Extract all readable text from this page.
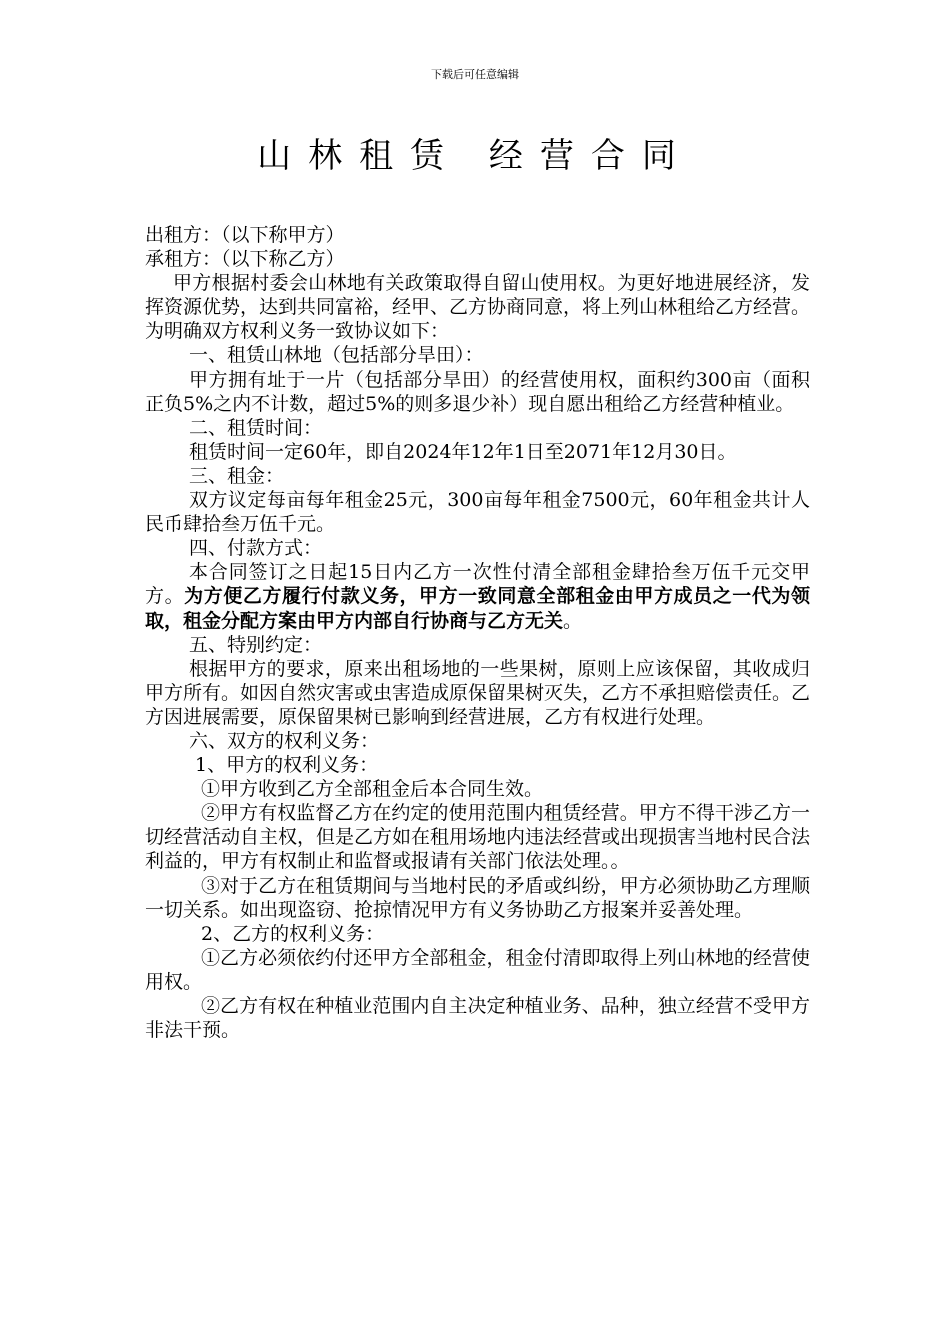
下载后可任意编辑
山林租赁 经营合同

出租方：（以下称甲方）

承租方：（以下称乙方）

甲方根据村委会山林地有关政策取得自留山使用权。为更好地进展经济，发挥资源优势，达到共同富裕，经甲、乙方协商同意，将上列山林租给乙方经营。为明确双方权利义务一致协议如下：

一、租赁山林地（包括部分旱田）：

甲方拥有址于一片（包括部分旱田）的经营使用权，面积约300亩（面积正负5%之内不计数，超过5%的则多退少补）现自愿出租给乙方经营种植业。

二、租赁时间：

租赁时间一定60年，即自2024年12年1日至2071年12月30日。

三、租金：

双方议定每亩每年租金25元，300亩每年租金7500元，60年租金共计人民币肆拾叁万伍千元。

四、付款方式：

本合同签订之日起15日内乙方一次性付清全部租金肆拾叁万伍千元交甲方。为方便乙方履行付款义务，甲方一致同意全部租金由甲方成员之一代为领取，租金分配方案由甲方内部自行协商与乙方无关。

五、特别约定：

根据甲方的要求，原来出租场地的一些果树，原则上应该保留，其收成归甲方所有。如因自然灾害或虫害造成原保留果树灭失，乙方不承担赔偿责任。乙方因进展需要，原保留果树已影响到经营进展，乙方有权进行处理。

六、双方的权利义务：

1、甲方的权利义务：

①甲方收到乙方全部租金后本合同生效。

②甲方有权监督乙方在约定的使用范围内租赁经营。甲方不得干涉乙方一切经营活动自主权，但是乙方如在租用场地内违法经营或出现损害当地村民合法利益的，甲方有权制止和监督或报请有关部门依法处理。。

③对于乙方在租赁期间与当地村民的矛盾或纠纷，甲方必须协助乙方理顺一切关系。如出现盗窃、抢掠情况甲方有义务协助乙方报案并妥善处理。

2、乙方的权利义务：

①乙方必须依约付还甲方全部租金，租金付清即取得上列山林地的经营使用权。

②乙方有权在种植业范围内自主决定种植业务、品种，独立经营不受甲方非法干预。
